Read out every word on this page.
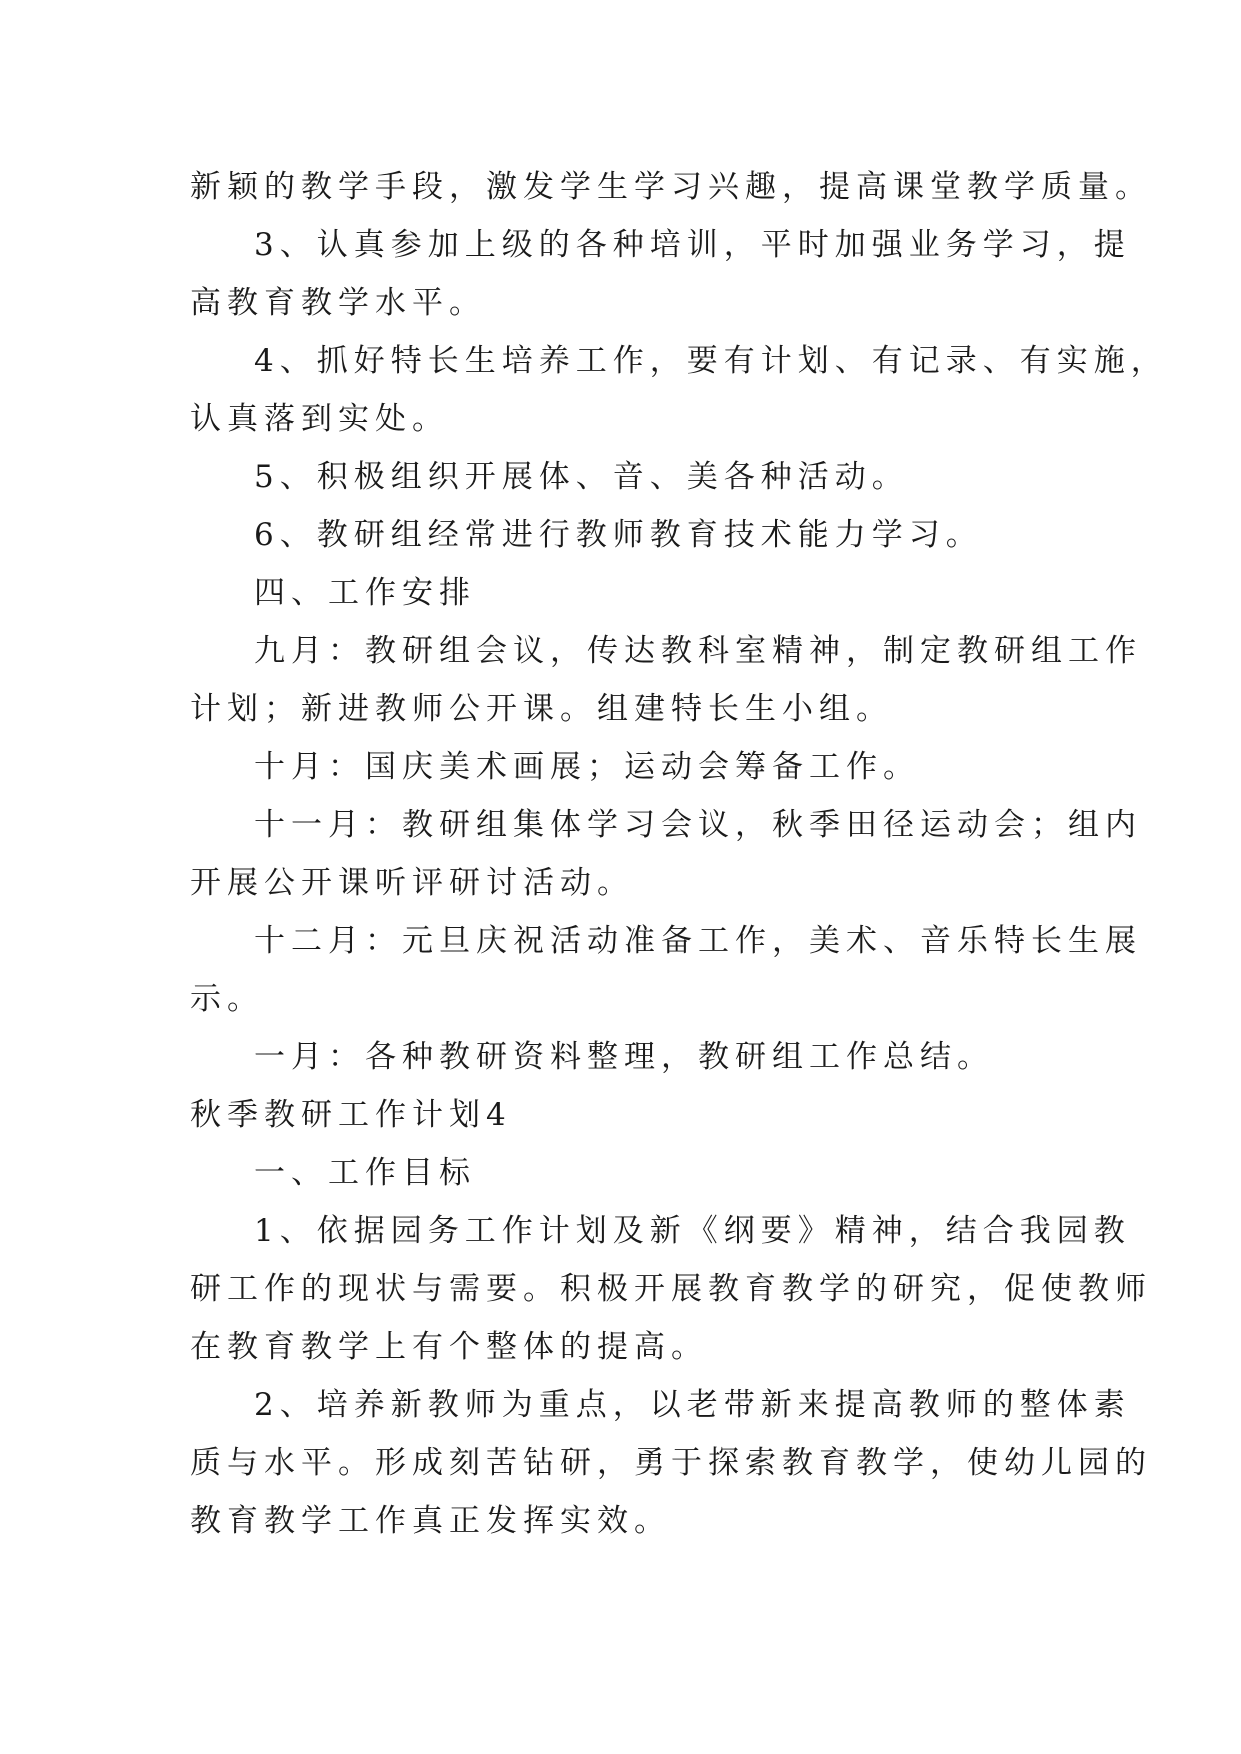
新颖的教学手段，激发学生学习兴趣，提高课堂教学质量。
3、认真参加上级的各种培训，平时加强业务学习，提
高教育教学水平。
4、抓好特长生培养工作，要有计划、有记录、有实施，
认真落到实处。
5、积极组织开展体、音、美各种活动。
6、教研组经常进行教师教育技术能力学习。
四、工作安排
九月：教研组会议，传达教科室精神，制定教研组工作
计划；新进教师公开课。组建特长生小组。
十月：国庆美术画展；运动会筹备工作。
十一月：教研组集体学习会议，秋季田径运动会；组内
开展公开课听评研讨活动。
十二月：元旦庆祝活动准备工作，美术、音乐特长生展
示。
一月：各种教研资料整理，教研组工作总结。
秋季教研工作计划4
一、工作目标
1、依据园务工作计划及新《纲要》精神，结合我园教
研工作的现状与需要。积极开展教育教学的研究，促使教师
在教育教学上有个整体的提高。
2、培养新教师为重点，以老带新来提高教师的整体素
质与水平。形成刻苦钻研，勇于探索教育教学，使幼儿园的
教育教学工作真正发挥实效。
